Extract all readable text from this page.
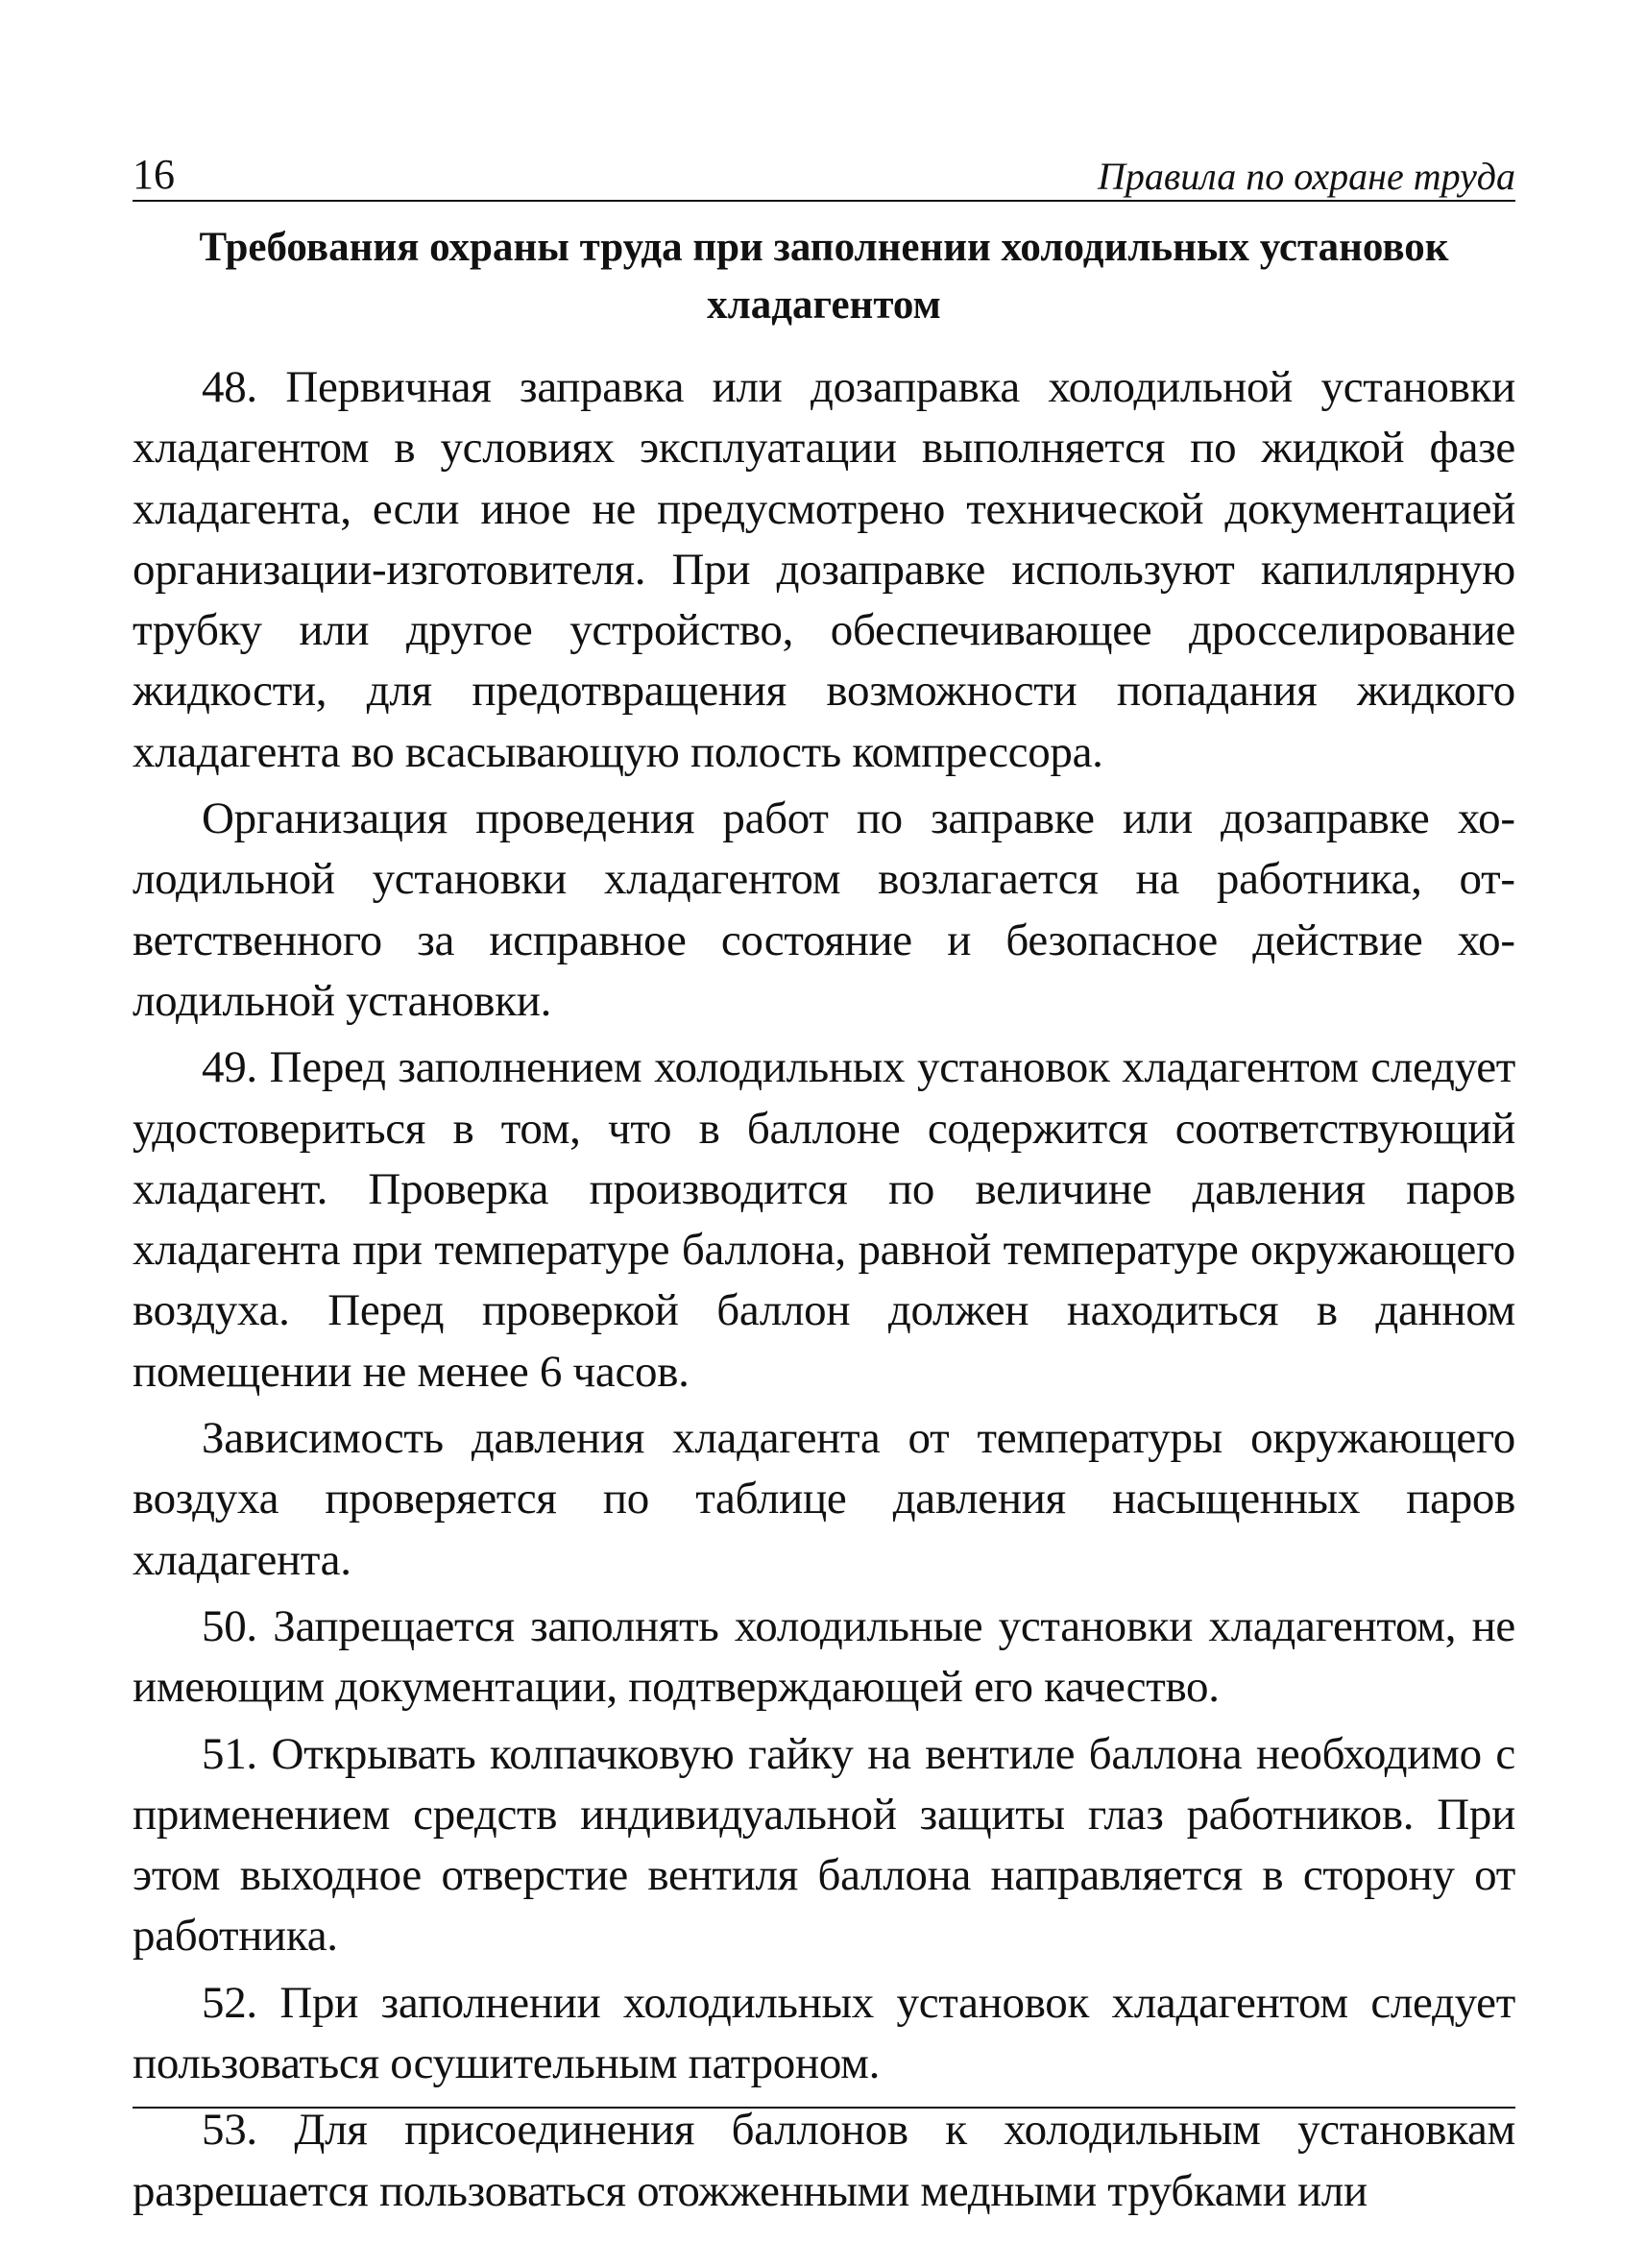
16	Правила по охране труда
Требования охраны труда при заполнении холодильных установок
хладагентом

48. Первичная заправка или дозаправка холодильной установки хладагентом в условиях эксплуатации выполняется по жидкой фазе хладагента, если иное не предусмотрено технической документацией организации-изготовителя. При дозаправке используют капиллярную трубку или другое устройство, обеспечивающее дросселирование жидкости, для предотвращения возможности попадания жидкого хладагента во всасывающую полость компрессора.

Организация проведения работ по заправке или дозаправке холодильной установки хладагентом возлагается на работника, ответственного за исправное состояние и безопасное действие холодильной установки.

49. Перед заполнением холодильных установок хладагентом следует удостовериться в том, что в баллоне содержится соответствующий хладагент. Проверка производится по величине давления паров хладагента при температуре баллона, равной температуре окружающего воздуха. Перед проверкой баллон должен находиться в данном помещении не менее 6 часов.

Зависимость давления хладагента от температуры окружающего воздуха проверяется по таблице давления насыщенных паров хладагента.

50. Запрещается заполнять холодильные установки хладагентом, не имеющим документации, подтверждающей его качество.

51. Открывать колпачковую гайку на вентиле баллона необходимо с применением средств индивидуальной защиты глаз работников. При этом выходное отверстие вентиля баллона направляется в сторону от работника.

52. При заполнении холодильных установок хладагентом следует пользоваться осушительным патроном.

53. Для присоединения баллонов к холодильным установкам разрешается пользоваться отожженными медными трубками или
